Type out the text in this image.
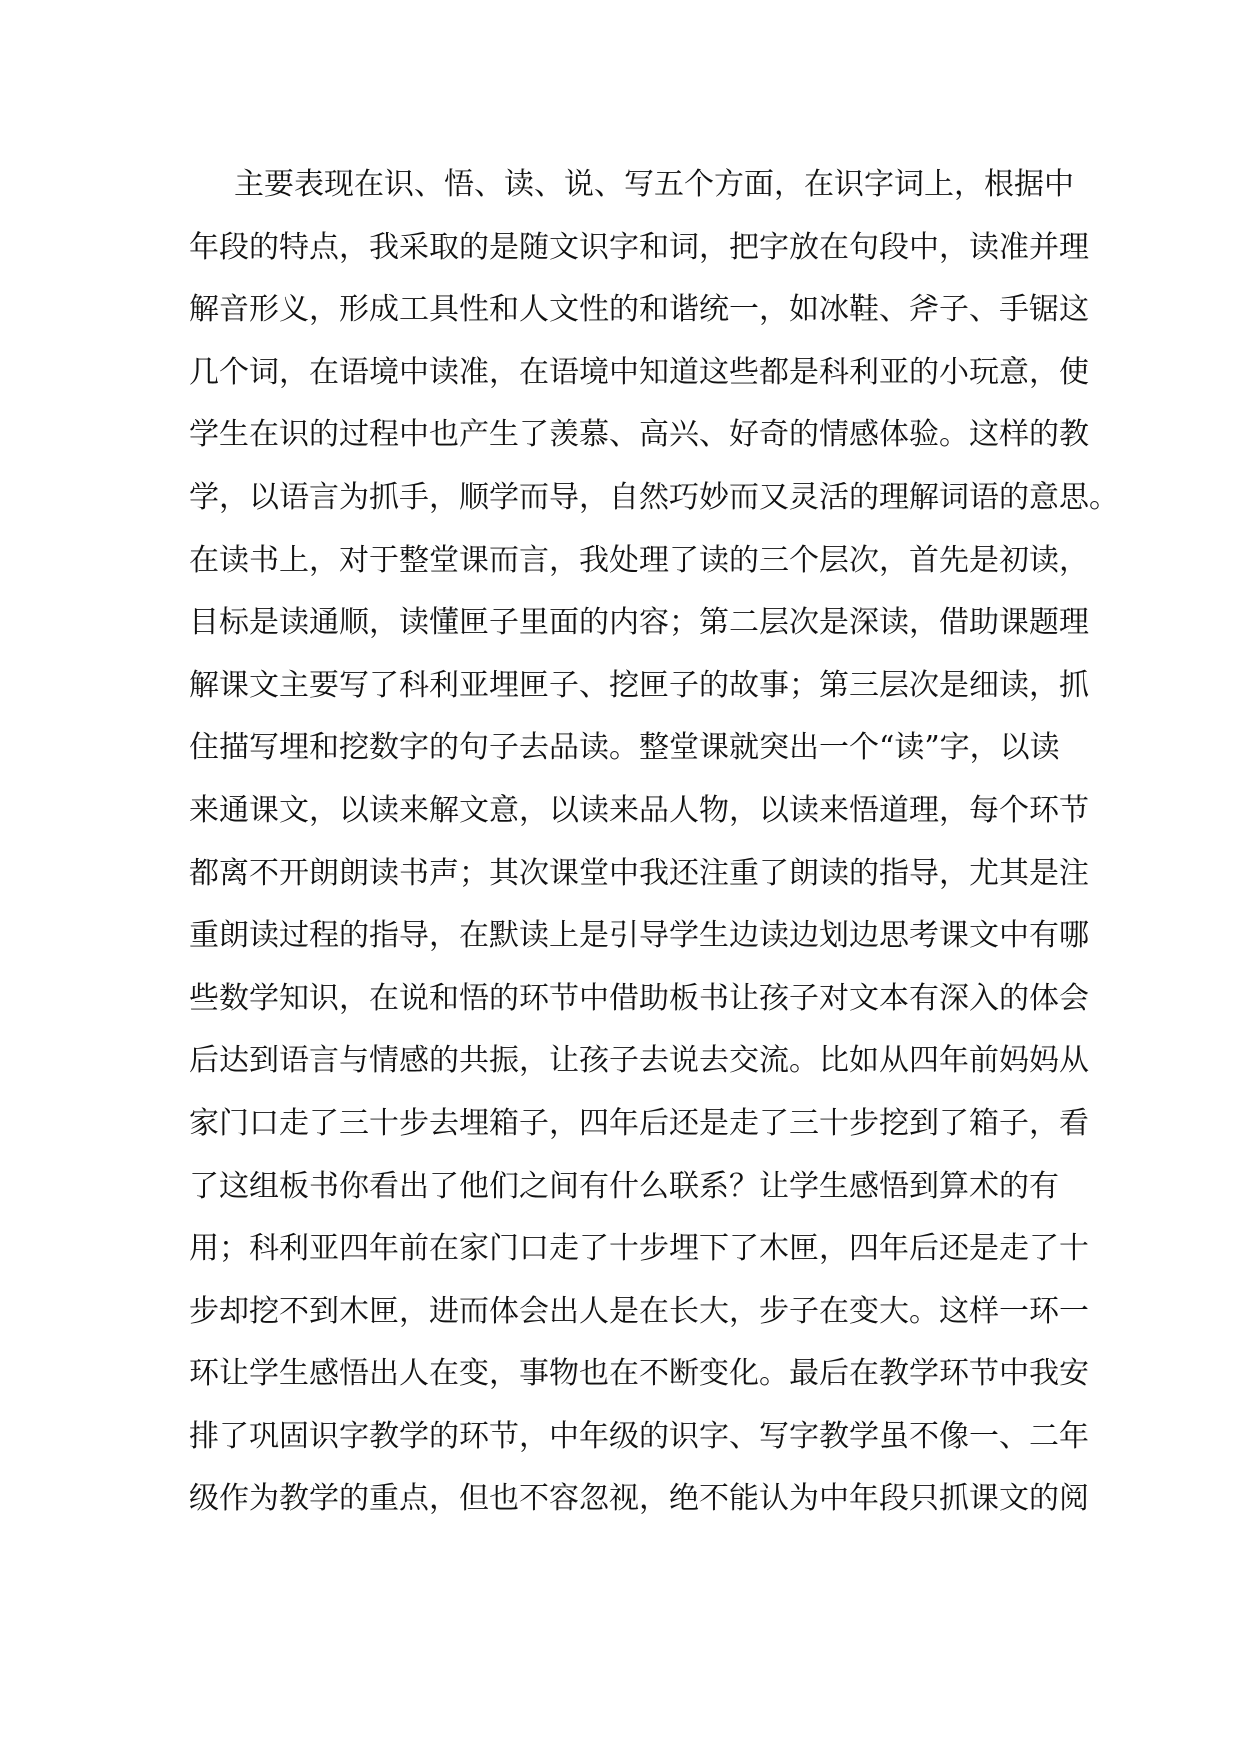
主要表现在识、悟、读、说、写五个方面，在识字词上，根据中
年段的特点，我采取的是随文识字和词，把字放在句段中，读准并理
解音形义，形成工具性和人文性的和谐统一，如冰鞋、斧子、手锯这
几个词，在语境中读准，在语境中知道这些都是科利亚的小玩意，使
学生在识的过程中也产生了羡慕、高兴、好奇的情感体验。这样的教
学，以语言为抓手，顺学而导，自然巧妙而又灵活的理解词语的意思。
在读书上，对于整堂课而言，我处理了读的三个层次，首先是初读，
目标是读通顺，读懂匣子里面的内容；第二层次是深读，借助课题理
解课文主要写了科利亚埋匣子、挖匣子的故事；第三层次是细读，抓
住描写埋和挖数字的句子去品读。整堂课就突出一个“读”字，以读
来通课文，以读来解文意，以读来品人物，以读来悟道理，每个环节
都离不开朗朗读书声；其次课堂中我还注重了朗读的指导，尤其是注
重朗读过程的指导，在默读上是引导学生边读边划边思考课文中有哪
些数学知识，在说和悟的环节中借助板书让孩子对文本有深入的体会
后达到语言与情感的共振，让孩子去说去交流。比如从四年前妈妈从
家门口走了三十步去埋箱子，四年后还是走了三十步挖到了箱子，看
了这组板书你看出了他们之间有什么联系？让学生感悟到算术的有
用；科利亚四年前在家门口走了十步埋下了木匣，四年后还是走了十
步却挖不到木匣，进而体会出人是在长大，步子在变大。这样一环一
环让学生感悟出人在变，事物也在不断变化。最后在教学环节中我安
排了巩固识字教学的环节，中年级的识字、写字教学虽不像一、二年
级作为教学的重点，但也不容忽视，绝不能认为中年段只抓课文的阅
